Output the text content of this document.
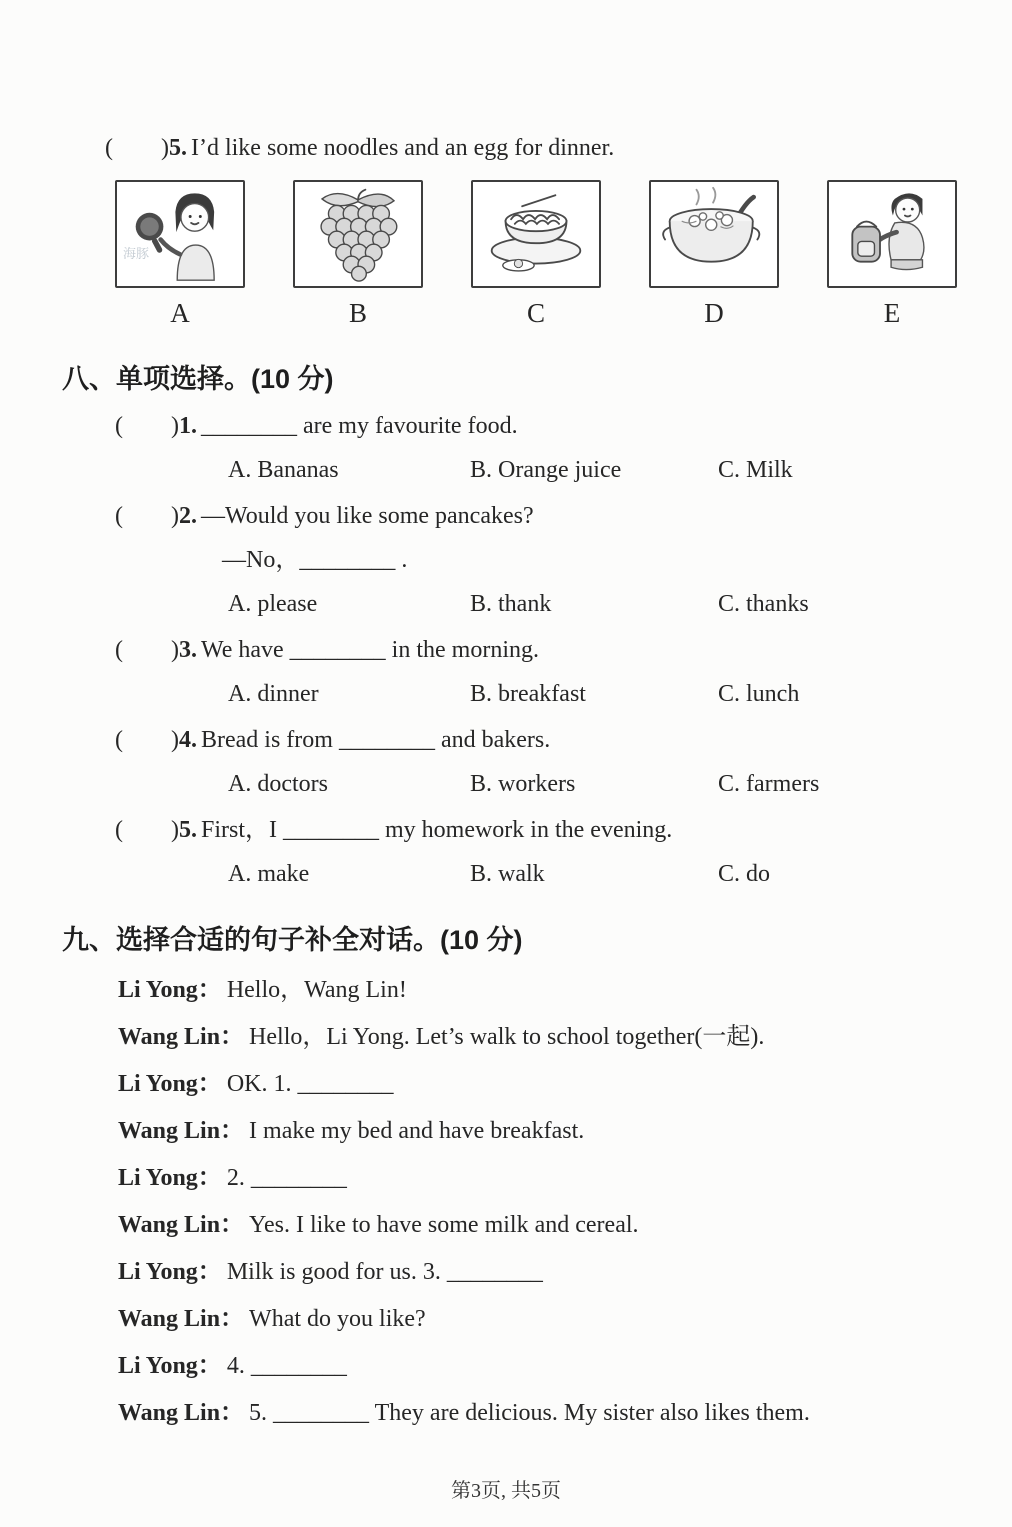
(　　)5. I’d like some noodles and an egg for dinner.

海豚
A	B	C	D	E
八、单项选择。(10 分)

(　　)1. ________ are my favourite food.

A. Bananas	B. Orange juice	C. Milk

(　　)2. —Would you like some pancakes?

—No，________ .

A. please	B. thank	C. thanks

(　　)3. We have ________ in the morning.

A. dinner	B. breakfast	C. lunch

(　　)4. Bread is from ________ and bakers.

A. doctors	B. workers	C. farmers

(　　)5. First，I ________ my homework in the evening.

A. make	B. walk	C. do

九、选择合适的句子补全对话。(10 分)

Li Yong： Hello，Wang Lin!

Wang Lin： Hello，Li Yong. Let’s walk to school together(一起).

Li Yong： OK. 1. ________

Wang Lin： I make my bed and have breakfast.

Li Yong： 2. ________

Wang Lin： Yes. I like to have some milk and cereal.

Li Yong： Milk is good for us. 3. ________

Wang Lin： What do you like?

Li Yong： 4. ________

Wang Lin： 5. ________ They are delicious. My sister also likes them.

第3页, 共5页
